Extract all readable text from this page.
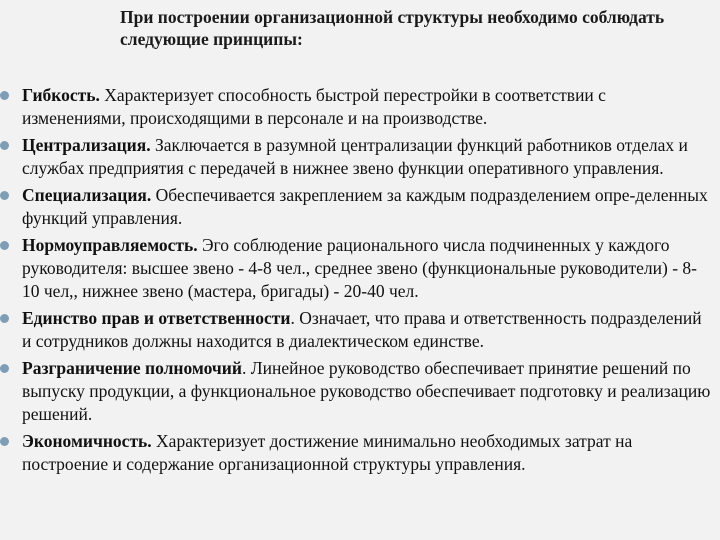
При построении организационной структуры необходимо соблюдать следующие принципы:
Гибкость. Характеризует способность быстрой перестройки в соответствии с изменениями, происходящими в персонале и на производстве.
Централизация. Заключается в разумной централизации функций работников отделах и службах предприятия с передачей в нижнее звено функции оперативного управления.
Специализация. Обеспечивается закреплением за каждым подразделением опре-деленных функций управления.
Нормоуправляемость. Эго соблюдение рационального числа подчиненных у каждого руководителя: высшее звено - 4-8 чел., среднее звено (функциональные руководители) - 8-10 чел,, нижнее звено (мастера, бригады) - 20-40 чел.
Единство прав и ответственности. Означает, что права и ответственность подразделений и сотрудников должны находится в диалектическом единстве.
Разграничение полномочий. Линейное руководство обеспечивает принятие решений по выпуску продукции, а функциональное руководство обеспечивает подготовку и реализацию решений.
Экономичность. Характеризует достижение минимально необходимых затрат на построение и содержание организационной структуры управления.
